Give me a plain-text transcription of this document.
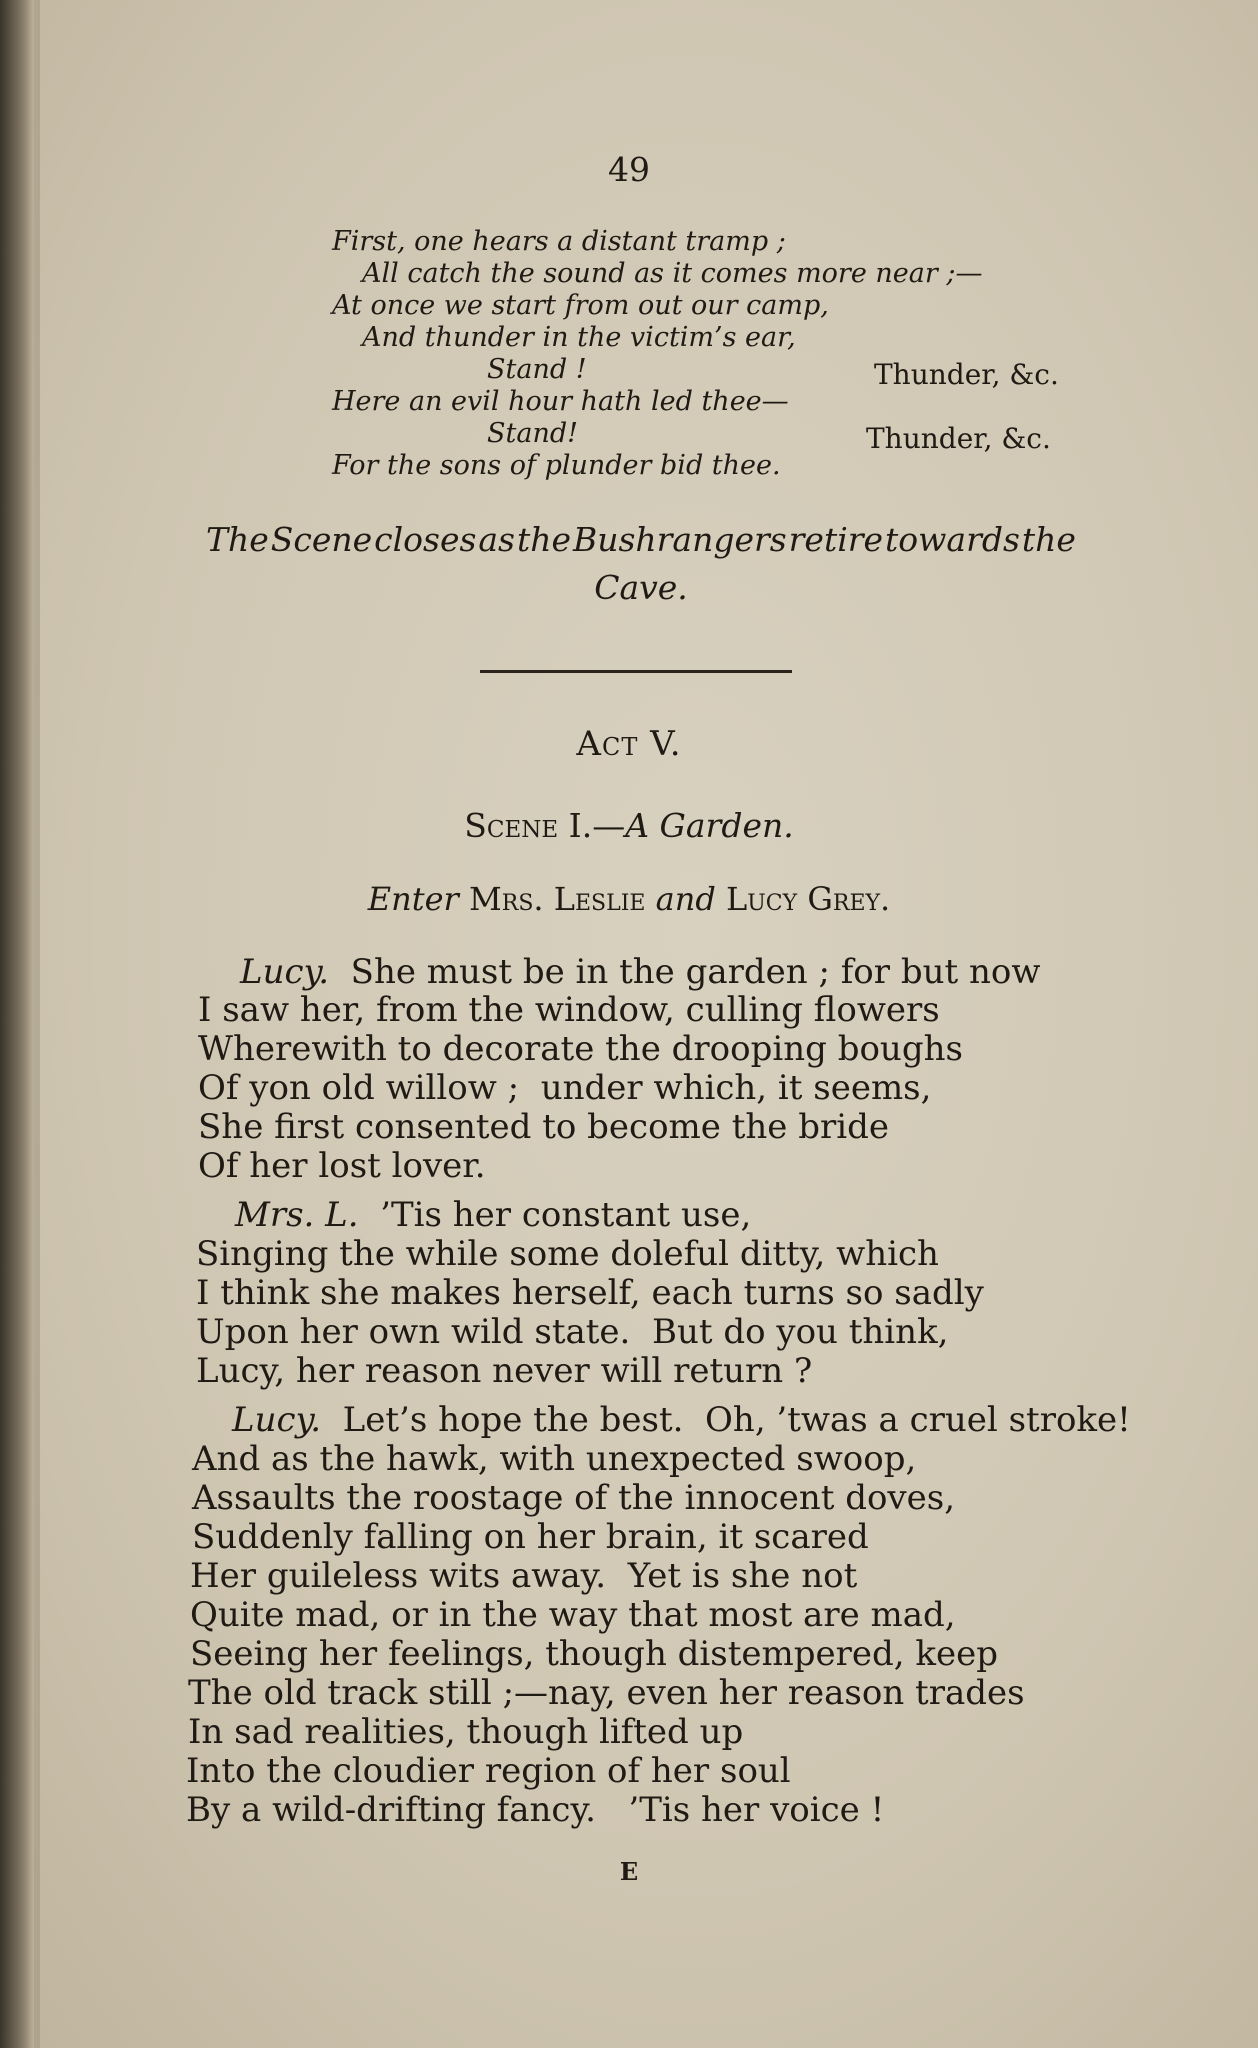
49
First, one hears a distant tramp ;
All catch the sound as it comes more near ;—
At once we start from out our camp,
And thunder in the victim’s ear,
Stand !
Here an evil hour hath led thee—
Stand!
For the sons of plunder bid thee.
Thunder, &c.
Thunder, &c.
The Scene closes as the Bushrangers retire towards the
Cave.
Act V.
Scene I.—A Garden.
Enter Mrs. Leslie and Lucy Grey.
Lucy.  She must be in the garden ; for but now
I saw her, from the window, culling flowers
Wherewith to decorate the drooping boughs
Of yon old willow ;  under which, it seems,
She first consented to become the bride
Of her lost lover.
Mrs. L.  ’Tis her constant use,
Singing the while some doleful ditty, which
I think she makes herself, each turns so sadly
Upon her own wild state.  But do you think,
Lucy, her reason never will return ?
Lucy.  Let’s hope the best.  Oh, ’twas a cruel stroke!
And as the hawk, with unexpected swoop,
Assaults the roostage of the innocent doves,
Suddenly falling on her brain, it scared
Her guileless wits away.  Yet is she not
Quite mad, or in the way that most are mad,
Seeing her feelings, though distempered, keep
The old track still ;—nay, even her reason trades
In sad realities, though lifted up
Into the cloudier region of her soul
By a wild-drifting fancy.   ’Tis her voice !
E
